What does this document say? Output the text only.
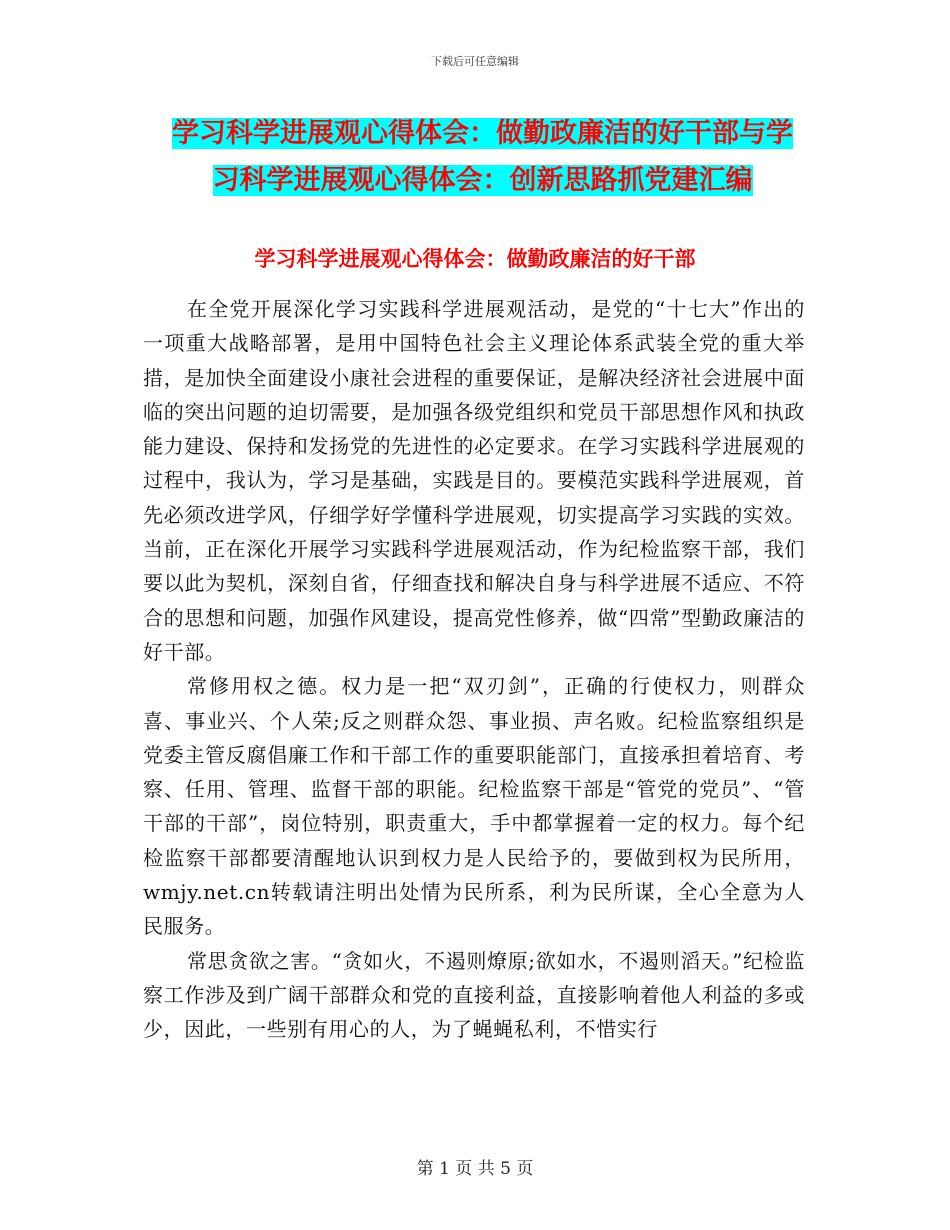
下载后可任意编辑
学习科学进展观心得体会：做勤政廉洁的好干部与学
习科学进展观心得体会：创新思路抓党建汇编
学习科学进展观心得体会：做勤政廉洁的好干部

在全党开展深化学习实践科学进展观活动，是党的“十七大”作出的一项重大战略部署，是用中国特色社会主义理论体系武装全党的重大举措，是加快全面建设小康社会进程的重要保证，是解决经济社会进展中面临的突出问题的迫切需要，是加强各级党组织和党员干部思想作风和执政能力建设、保持和发扬党的先进性的必定要求。在学习实践科学进展观的过程中，我认为，学习是基础，实践是目的。要模范实践科学进展观，首先必须改进学风，仔细学好学懂科学进展观，切实提高学习实践的实效。当前，正在深化开展学习实践科学进展观活动，作为纪检监察干部，我们要以此为契机，深刻自省，仔细查找和解决自身与科学进展不适应、不符合的思想和问题，加强作风建设，提高党性修养，做“四常”型勤政廉洁的好干部。

常修用权之德。权力是一把“双刃剑”，正确的行使权力，则群众喜、事业兴、个人荣;反之则群众怨、事业损、声名败。纪检监察组织是党委主管反腐倡廉工作和干部工作的重要职能部门，直接承担着培育、考察、任用、管理、监督干部的职能。纪检监察干部是“管党的党员”、“管干部的干部”，岗位特别，职责重大，手中都掌握着一定的权力。每个纪检监察干部都要清醒地认识到权力是人民给予的，要做到权为民所用，wmjy.net.cn转载请注明出处情为民所系，利为民所谋，全心全意为人民服务。

常思贪欲之害。“贪如火，不遏则燎原;欲如水，不遏则滔天。”纪检监察工作涉及到广阔干部群众和党的直接利益，直接影响着他人利益的多或少，因此，一些别有用心的人，为了蝇蝇私利，不惜实行

第 1 页 共 5 页
